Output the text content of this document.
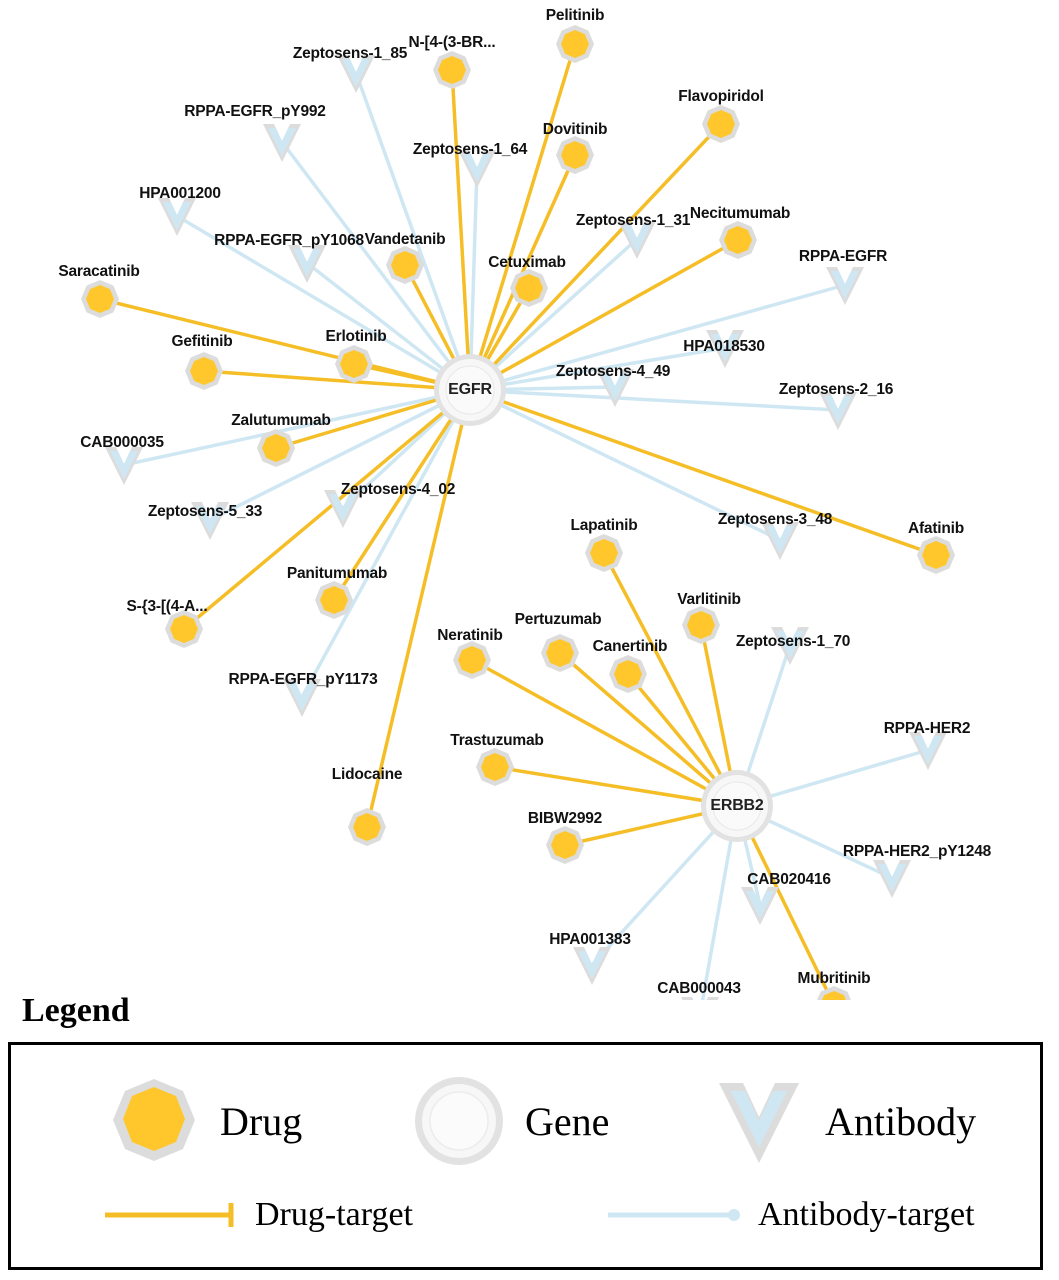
Zeptosens-1_85
RPPA-EGFR_pY992
Zeptosens-1_64
HPA001200
Zeptosens-1_31
RPPA-EGFR_pY1068
RPPA-EGFR
HPA018530
Zeptosens-4_49
Zeptosens-2_16
CAB000035
Zeptosens-5_33
Zeptosens-4_02
Zeptosens-3_48
Zeptosens-1_70
RPPA-EGFR_pY1173
RPPA-HER2
RPPA-HER2_pY1248
CAB020416
HPA001383
CAB000043
Pelitinib
N-[4-(3-BR...
Flavopiridol
Dovitinib
Necitumumab
Vandetanib
Cetuximab
Saracatinib
Erlotinib
Gefitinib
Zalutumumab
Afatinib
Lapatinib
Varlitinib
Panitumumab
S-{3-[(4-A...
Pertuzumab
Neratinib
Canertinib
Trastuzumab
Lidocaine
BIBW2992
Mubritinib
EGFR
ERBB2
Legend
Drug	Gene	Antibody
Drug-target	Antibody-target
